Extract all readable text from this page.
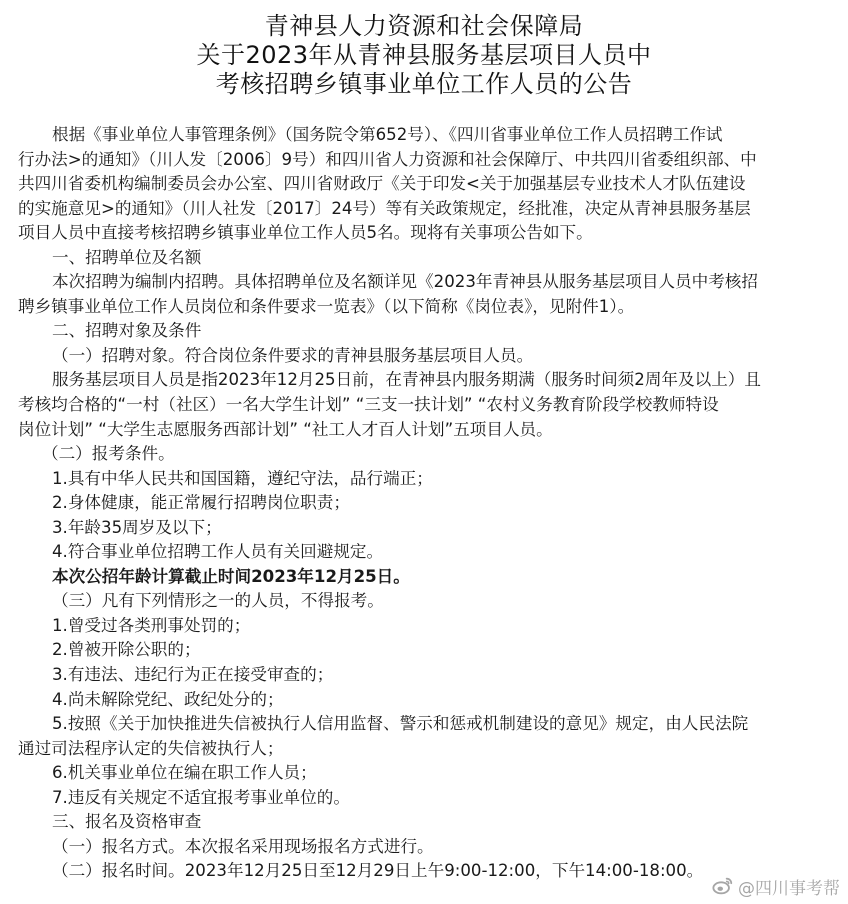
青神县人力资源和社会保障局
关于2023年从青神县服务基层项目人员中
考核招聘乡镇事业单位工作人员的公告

根据《事业单位人事管理条例》（国务院令第652号）、《四川省事业单位工作人员招聘工作试

行办法>的通知》（川人发〔2006〕9号）和四川省人力资源和社会保障厅、中共四川省委组织部、中

共四川省委机构编制委员会办公室、四川省财政厅《关于印发<关于加强基层专业技术人才队伍建设

的实施意见>的通知》（川人社发〔2017〕24号）等有关政策规定，经批准，决定从青神县服务基层

项目人员中直接考核招聘乡镇事业单位工作人员5名。现将有关事项公告如下。

一、招聘单位及名额

本次招聘为编制内招聘。具体招聘单位及名额详见《2023年青神县从服务基层项目人员中考核招

聘乡镇事业单位工作人员岗位和条件要求一览表》（以下简称《岗位表》，见附件1）。

二、招聘对象及条件

（一）招聘对象。符合岗位条件要求的青神县服务基层项目人员。

服务基层项目人员是指2023年12月25日前，在青神县内服务期满（服务时间须2周年及以上）且

考核均合格的“一村（社区）一名大学生计划” “三支一扶计划” “农村义务教育阶段学校教师特设

岗位计划” “大学生志愿服务西部计划” “社工人才百人计划”五项目人员。

（二）报考条件。

1.具有中华人民共和国国籍，遵纪守法，品行端正；

2.身体健康，能正常履行招聘岗位职责；

3.年龄35周岁及以下；

4.符合事业单位招聘工作人员有关回避规定。

本次公招年龄计算截止时间2023年12月25日。

（三）凡有下列情形之一的人员，不得报考。

1.曾受过各类刑事处罚的；

2.曾被开除公职的；

3.有违法、违纪行为正在接受审查的；

4.尚未解除党纪、政纪处分的；

5.按照《关于加快推进失信被执行人信用监督、警示和惩戒机制建设的意见》规定，由人民法院

通过司法程序认定的失信被执行人；

6.机关事业单位在编在职工作人员；

7.违反有关规定不适宜报考事业单位的。

三、报名及资格审查

（一）报名方式。本次报名采用现场报名方式进行。

（二）报名时间。2023年12月25日至12月29日上午9:00-12:00，下午14:00-18:00。

@四川事考帮
